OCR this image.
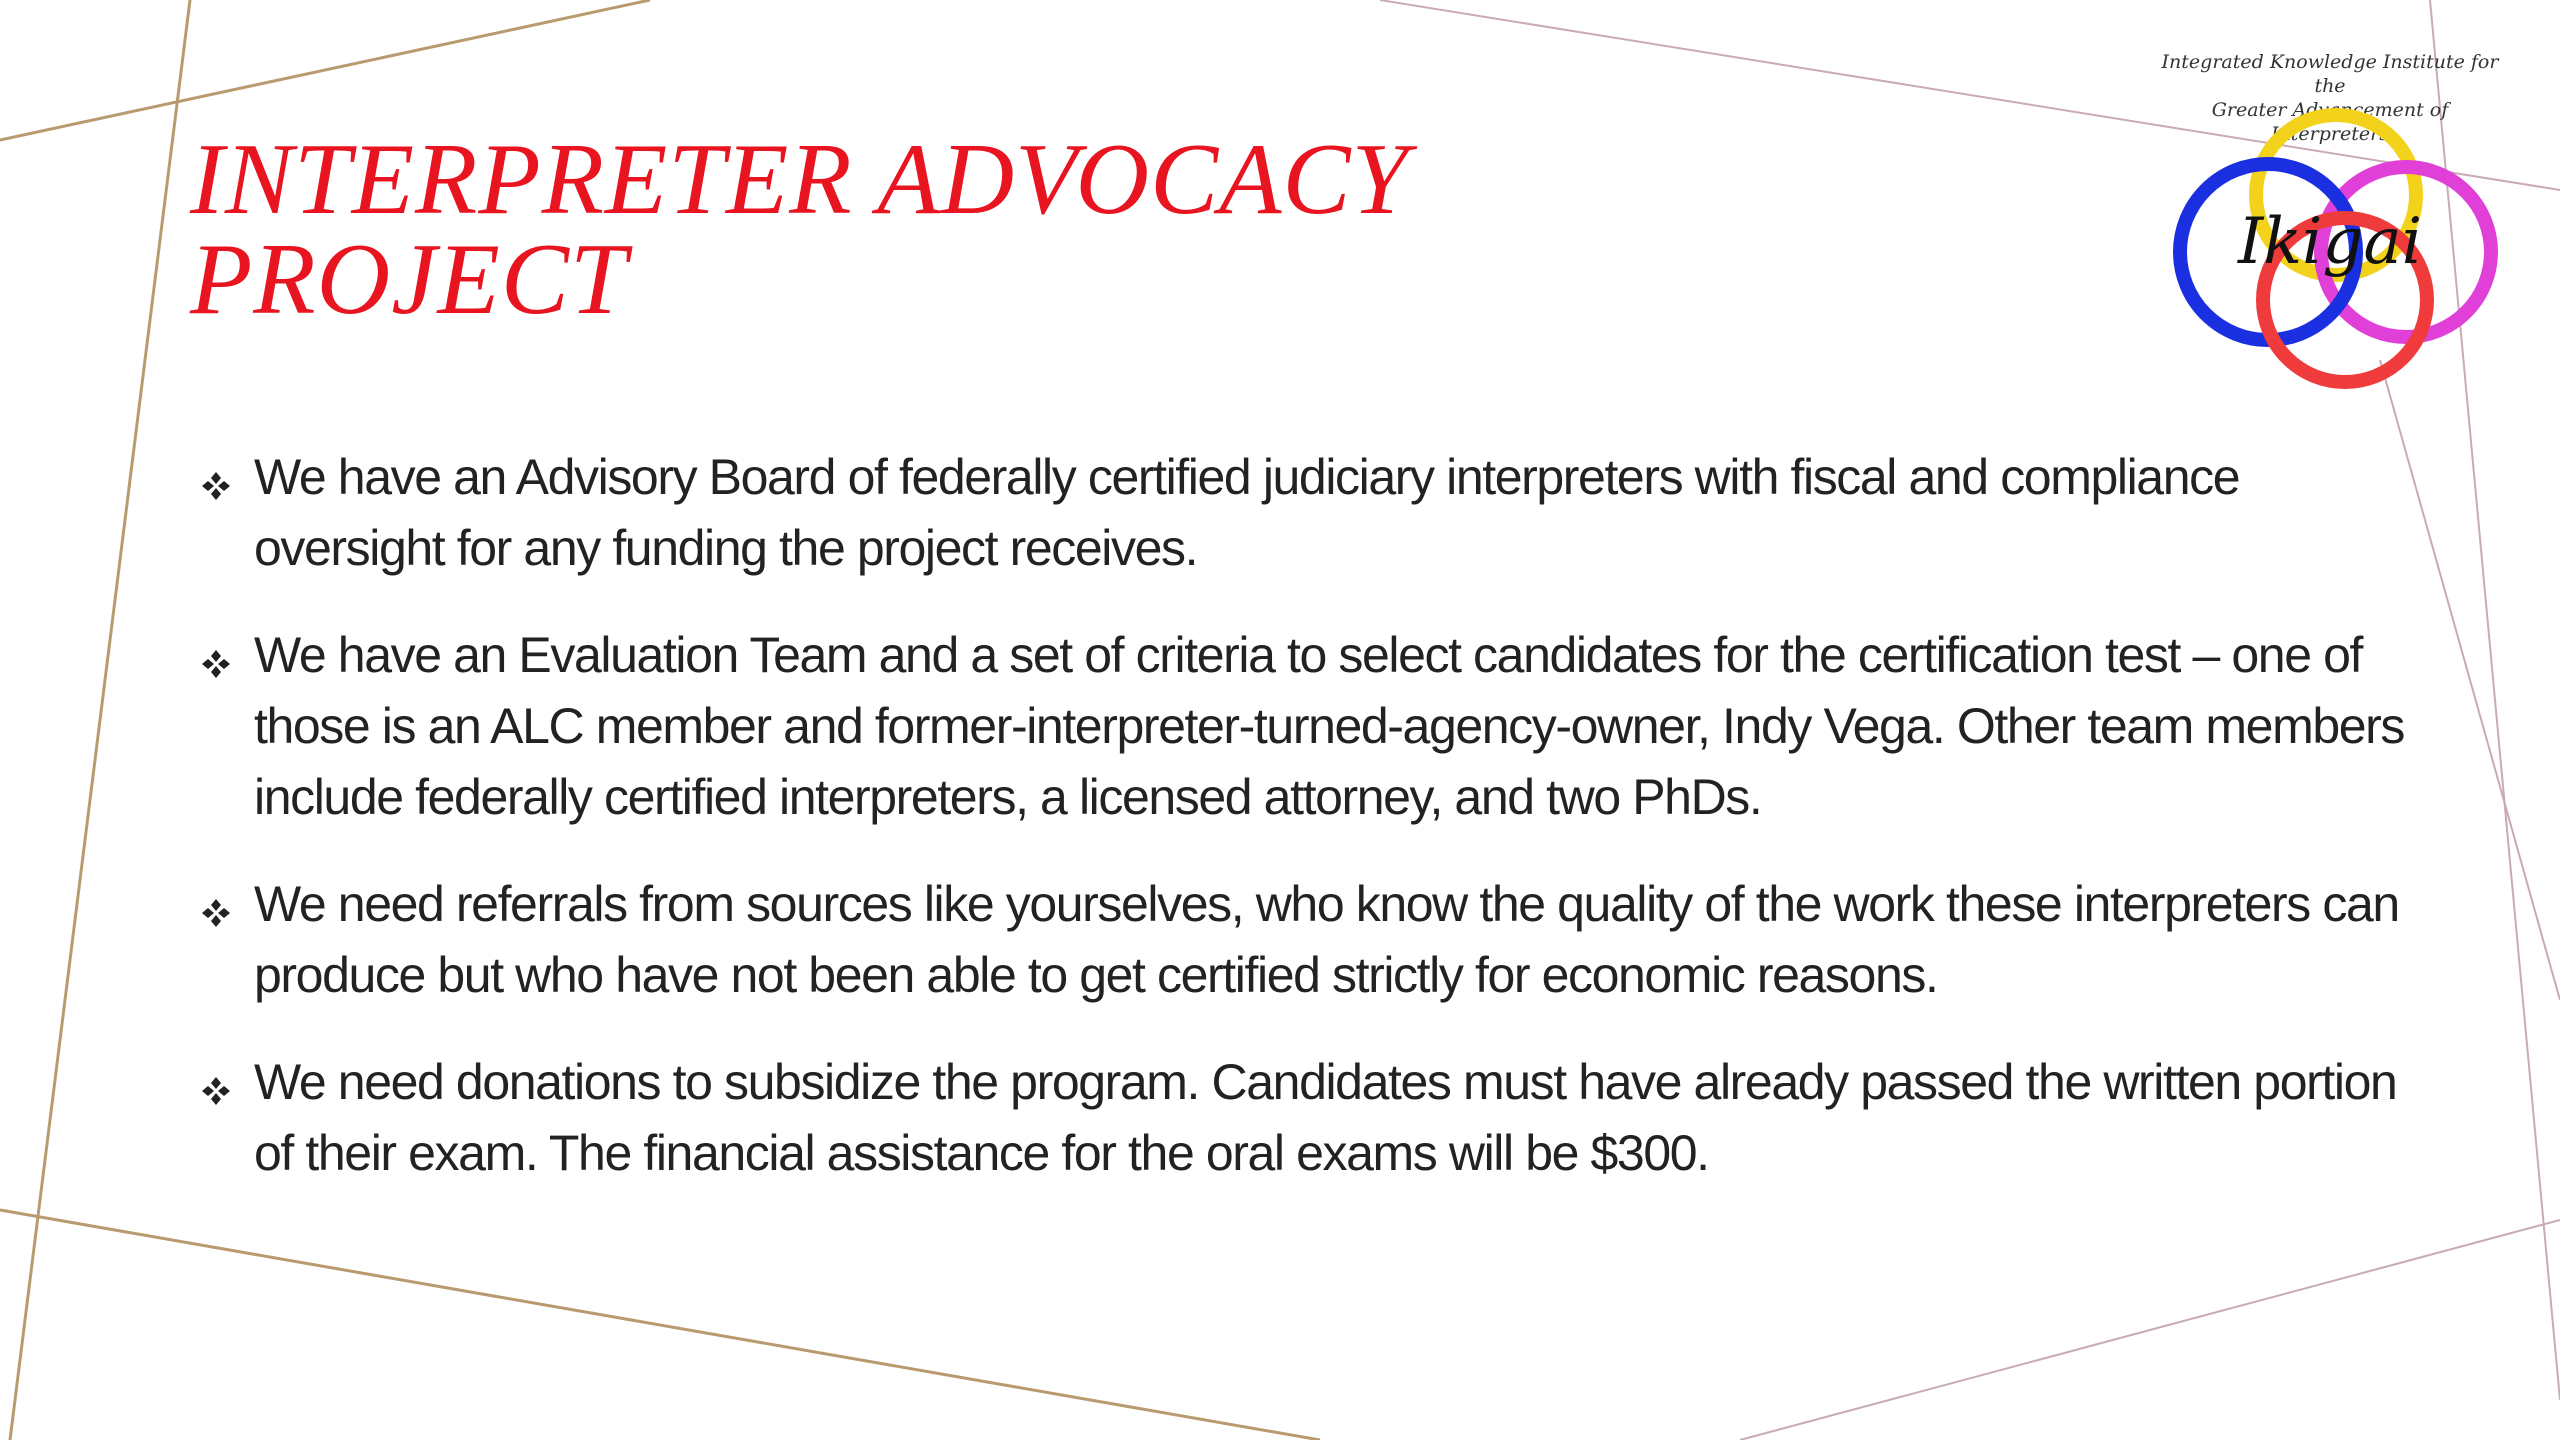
INTERPRETER ADVOCACY
PROJECT
We have an Advisory Board of federally certified judiciary interpreters with fiscal and compliance oversight for any funding the project receives.
We have an Evaluation Team and a set of criteria to select candidates for the certification test – one of those is an ALC member and former-interpreter-turned-agency-owner, Indy Vega. Other team members include federally certified interpreters, a licensed attorney, and two PhDs.
We need referrals from sources like yourselves, who know the quality of the work these interpreters can produce but who have not been able to get certified strictly for economic reasons.
We need donations to subsidize the program. Candidates must have already passed the written portion of their exam. The financial assistance for the oral exams will be $300.
Integrated Knowledge Institute for the
Greater Advancement of Interpreters
Ikigai
